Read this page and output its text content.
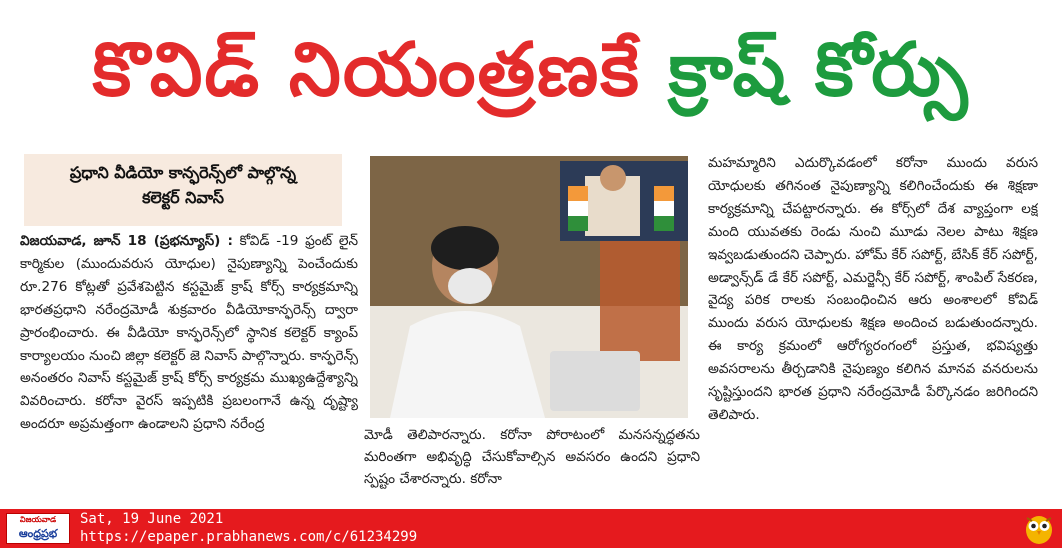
కొవిడ్ నియంత్రణకే క్రాష్ కోర్సు
ప్రధాని వీడియో కాన్ఫరెన్స్‌లో పాల్గొన్న
కలెక్టర్ నివాస్

విజయవాడ, జూన్ 18 (ప్రభన్యూస్) : కోవిడ్ -19 ఫ్రంట్ లైన్ కార్మికుల (ముందువరుస యోధుల) నైపుణ్యాన్ని పెంచేందుకు రూ.276 కోట్లతో ప్రవేశపెట్టిన కస్టమైజ్ క్రాష్ కోర్స్ కార్యక్రమాన్ని భారతప్రధాని నరేంద్రమోడీ శుక్రవారం వీడియోకాన్ఫరెన్స్ ద్వారా ప్రారంభించారు. ఈ వీడియో కాన్ఫరెన్స్‌లో స్థానిక కలెక్టర్ క్యాంప్ కార్యాలయం నుంచి జిల్లా కలెక్టర్ జె నివాస్ పాల్గొన్నారు. కాన్ఫరెన్స్ అనంతరం నివాస్ కస్టమైజ్ క్రాష్ కోర్స్ కార్యక్రమ ముఖ్యఉద్దేశ్యాన్ని వివరించారు. కరోనా వైరస్ ఇప్పటికి ప్రబలంగానే ఉన్న దృష్ట్యా అందరూ అప్రమత్తంగా ఉండాలని ప్రధాని నరేంద్ర

మోడీ తెలిపారన్నారు. కరోనా పోరాటంలో మనసన్నద్ధతను మరింతగా అభివృద్ధి చేసుకోవాల్సిన అవసరం ఉందని ప్రధాని స్పష్టం చేశారన్నారు. కరోనా

మహమ్మారిని ఎదుర్కొవడంలో కరోనా ముందు వరుస యోధులకు తగినంత నైపుణ్యాన్ని కలిగించేందుకు ఈ శిక్షణా కార్యక్రమాన్ని చేపట్టారన్నారు. ఈ కోర్స్‌లో దేశ వ్యాప్తంగా లక్ష మంది యువతకు రెండు నుంచి మూడు నెలల పాటు శిక్షణ ఇవ్వబడుతుందని చెప్పారు. హోమ్ కేర్ సపోర్ట్, బేసిక్ కేర్ సపోర్ట్, అడ్వాన్స్‌డ్ డే కేర్ సపోర్ట్, ఎమర్జెన్సీ కేర్ సపోర్ట్, శాంపిల్ సేకరణ, వైద్య పరిక రాలకు సంబంధించిన ఆరు అంశాలలో కోవిడ్ ముందు వరుస యోధులకు శిక్షణ అందించ బడుతుందన్నారు. ఈ కార్య క్రమంలో ఆరోగ్యరంగంలో ప్రస్తుత, భవిష్యత్తు అవసరాలను తీర్చడానికి నైపుణ్యం కలిగిన మానవ వనరులను సృష్టిస్తుందని భారత ప్రధాని నరేంద్రమోడీ పేర్కొనడం జరిగిందని తెలిపారు.

విజయవాడ
ఆంధ్రప్రభ
Sat, 19 June 2021
https://epaper.prabhanews.com/c/61234299
